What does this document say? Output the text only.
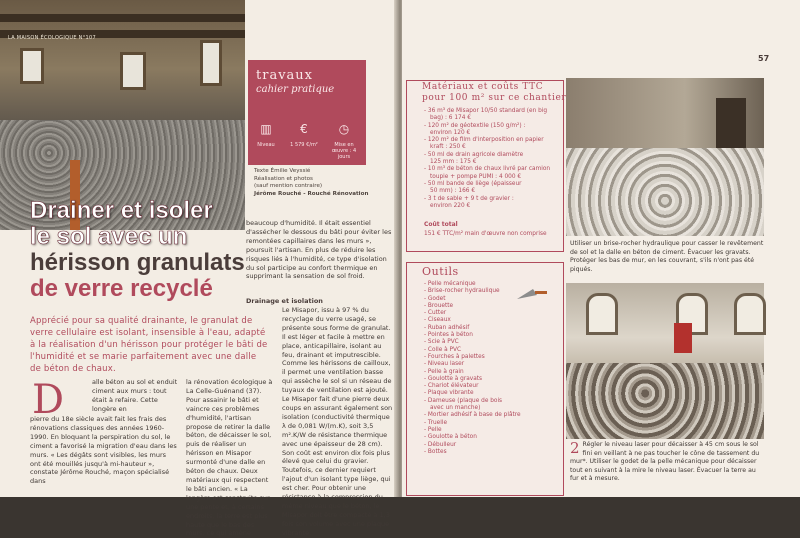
LA MAISON ÉCOLOGIQUE N°107
travaux
cahier pratique
▥	€	◷
Niveau	1 579 €/m²	Mise en œuvre : 4 jours
Texte Émilie Veyssié
Réalisation et photos
(sauf mention contraire)
Jérôme Rouché - Rouché Rénovation
Drainer et isoler
le sol avec un
hérisson granulats
de verre recyclé
Apprécié pour sa qualité drainante, le granulat de verre cellulaire est isolant, insensible à l'eau, adapté à la réalisation d'un hérisson pour protéger le bâti de l'humidité et se marie parfaitement avec une dalle de béton de chaux.
D	alle béton au sol et enduit ciment aux murs : tout était à refaire. Cette longère en
pierre du 18e siècle avait fait les frais des rénovations classiques des années 1960-1990. En bloquant la perspiration du sol, le ciment a favorisé la migration d'eau dans les murs. « Les dégâts sont visibles, les murs ont été mouillés jusqu'à mi-hauteur », constate Jérôme Rouché, maçon spécialisé dans
la rénovation écologique à La Celle-Guénand (37). Pour assainir le bâti et vaincre ces problèmes d'humidité, l'artisan propose de retirer la dalle béton, de décaisser le sol, puis de réaliser un hérisson en Misapor surmonté d'une dalle en béton de chaux. Deux matériaux qui respectent le bâti ancien. « La longère est construite sur une pente et, à certains endroits, la terre est plus haute que le bas des murs, ce qui amène
beaucoup d'humidité. Il était essentiel d'assécher le dessous du bâti pour éviter les remontées capillaires dans les murs », poursuit l'artisan. En plus de réduire les risques liés à l'humidité, ce type d'isolation du sol participe au confort thermique en supprimant la sensation de sol froid.
Drainage et isolation
Le Misapor, issu à 97 % du recyclage du verre usagé, se présente sous forme de granulat. Il est léger et facile à mettre en place, anticapillaire, isolant au feu, drainant et imputrescible. Comme les hérissons de cailloux, il permet une ventilation basse qui assèche le sol si un réseau de tuyaux de ventilation est ajouté. Le Misapor fait d'une pierre deux coups en assurant également son isolation (conductivité thermique λ de 0,081 W/(m.K), soit 3,5 m².K/W de résistance thermique avec une épaisseur de 28 cm). Son coût est environ dix fois plus élevé que celui du gravier. Toutefois, ce dernier requiert l'ajout d'un isolant type liège, qui est cher. Pour obtenir une résistance à la compression du même niveau que le béton, le Misapor doit être compacté à 1,3 fois son volume avec une plaque vibrante.
57
Matériaux et coûts TTC
pour 100 m² sur ce chantier
- 36 m³ de Misapor 10/50 standard (en big
bag) : 6 174 €
- 120 m² de géotextile (150 g/m²) :
environ 120 €
- 120 m² de film d'interposition en papier
kraft : 250 €
- 50 ml de drain agricole diamètre
125 mm : 175 €
- 10 m³ de béton de chaux livré par camion
toupie + pompe PUMI : 4 000 €
- 50 ml bande de liège (épaisseur
50 mm) : 166 €
- 3 t de sable + 9 t de gravier :
environ 220 €
Coût total
151 € TTC/m² main d'œuvre non comprise
Outils
- Pelle mécanique
- Brise-rocher hydraulique
- Godet
- Brouette
- Cutter
- Ciseaux
- Ruban adhésif
- Pointes à béton
- Scie à PVC
- Colle à PVC
- Fourches à palettes
- Niveau laser
- Pelle à grain
- Goulotte à gravats
- Chariot élévateur
- Plaque vibrante
- Dameuse (plaque de bois
avec un manche)
- Mortier adhésif à base de plâtre
- Truelle
- Pelle
- Goulotte à béton
- Débulleur
- Bottes
Utiliser un brise-rocher hydraulique pour casser le revêtement de sol et la dalle en béton de ciment. Évacuer les gravats. Protéger les bas de mur, en les couvrant, s'ils n'ont pas été piqués.
2 Régler le niveau laser pour décaisser à 45 cm sous le sol fini en veillant à ne pas toucher le cône de tassement du mur*. Utiliser le godet de la pelle mécanique pour décaisser tout en suivant à la mire le niveau laser. Évacuer la terre au fur et à mesure.
